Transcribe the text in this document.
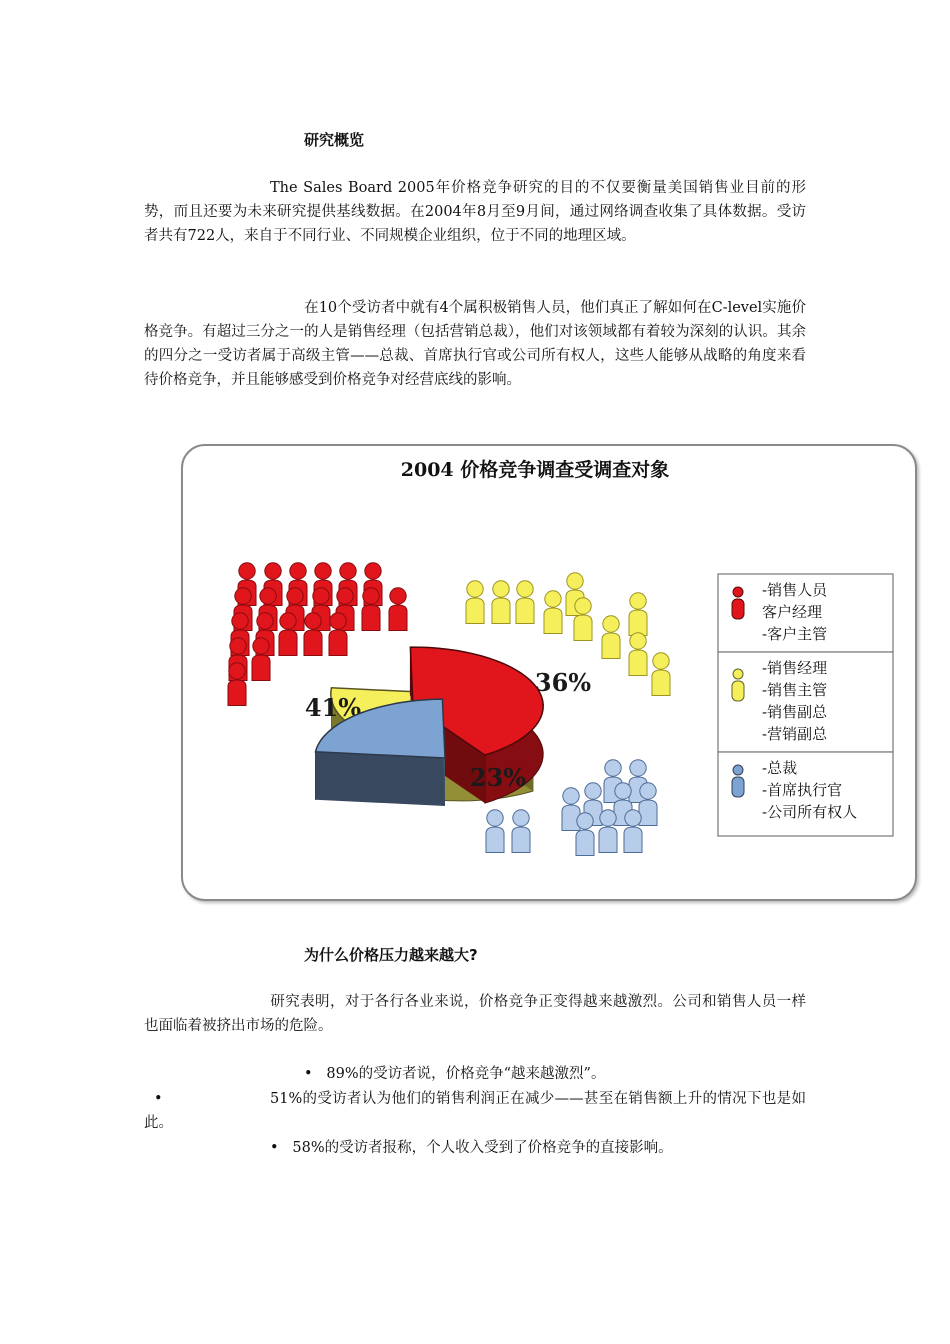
研究概览
The Sales Board 2005年价格竞争研究的目的不仅要衡量美国销售业目前的形势，而且还要为未来研究提供基线数据。在2004年8月至9月间，通过网络调查收集了具体数据。受访者共有722人，来自于不同行业、不同规模企业组织，位于不同的地理区域。
在10个受访者中就有4个属积极销售人员，他们真正了解如何在C-level实施价格竞争。有超过三分之一的人是销售经理（包括营销总裁），他们对该领域都有着较为深刻的认识。其余的四分之一受访者属于高级主管——总裁、首席执行官或公司所有权人，这些人能够从战略的角度来看待价格竞争，并且能够感受到价格竞争对经营底线的影响。
2004 价格竞争调查受调查对象
36%
41%
23%
-销售人员
客户经理
-客户主管
-销售经理
-销售主管
-销售副总
-营销副总
-总裁
-首席执行官
-公司所有权人
为什么价格压力越来越大?
研究表明，对于各行各业来说，价格竞争正变得越来越激烈。公司和销售人员一样也面临着被挤出市场的危险。
• 89%的受访者说，价格竞争“越来越激烈”。
•	51%的受访者认为他们的销售利润正在减少——甚至在销售额上升的情况下也是如此。
• 58%的受访者报称，个人收入受到了价格竞争的直接影响。
